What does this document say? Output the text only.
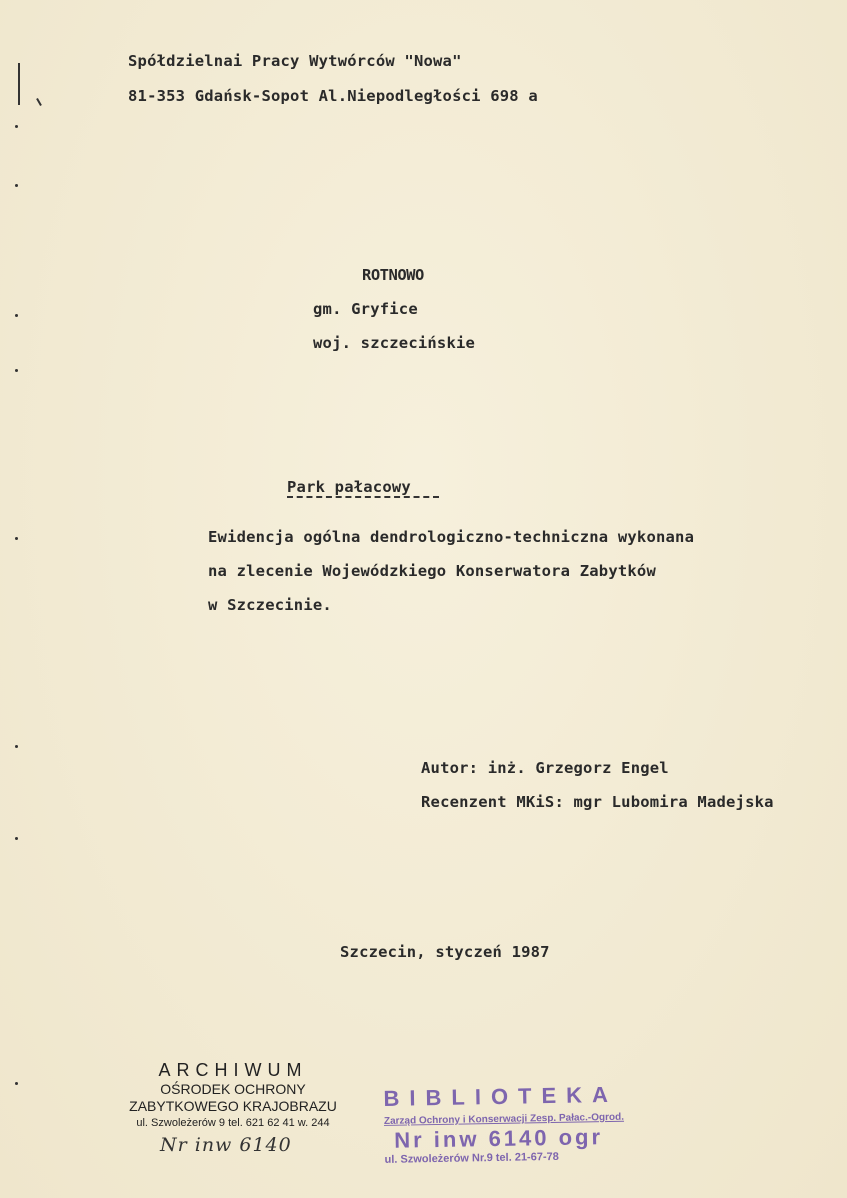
Spółdzielnai Pracy Wytwórców "Nowa"
81-353 Gdańsk-Sopot Al.Niepodległości 698 a
ROTNOWO
gm. Gryfice
woj. szczecińskie
Park pałacowy
Ewidencja ogólna dendrologiczno-techniczna wykonana
na zlecenie Wojewódzkiego Konserwatora Zabytków
w Szczecinie.
Autor: inż. Grzegorz Engel
Recenzent MKiS: mgr Lubomira Madejska
Szczecin, styczeń 1987
ARCHIWUM
OŚRODEK OCHRONY
ZABYTKOWEGO KRAJOBRAZU
ul. Szwoleżerów 9 tel. 621 62 41 w. 244
Nr inw 6140
BIBLIOTEKA
Zarząd Ochrony i Konserwacji Zesp. Pałac.-Ogrod.
Nr inw 6140 ogr
ul. Szwoleżerów Nr.9 tel. 21-67-78
